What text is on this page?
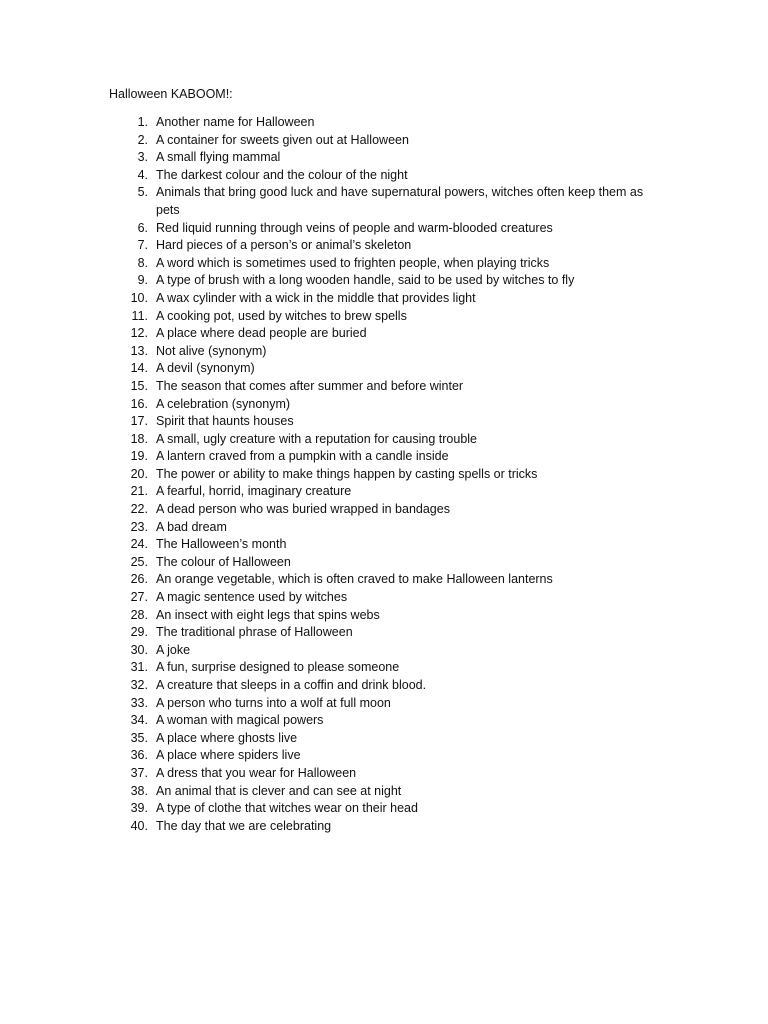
Halloween KABOOM!:
1. Another name for Halloween
2. A container for sweets given out at Halloween
3. A small flying mammal
4. The darkest colour and the colour of the night
5. Animals that bring good luck and have supernatural powers, witches often keep them as pets
6. Red liquid running through veins of people and warm-blooded creatures
7. Hard pieces of a person’s or animal’s skeleton
8. A word which is sometimes used to frighten people, when playing tricks
9. A type of brush with a long wooden handle, said to be used by witches to fly
10. A wax cylinder with a wick in the middle that provides light
11. A cooking pot, used by witches to brew spells
12. A place where dead people are buried
13. Not alive (synonym)
14. A devil (synonym)
15. The season that comes after summer and before winter
16. A celebration (synonym)
17. Spirit that haunts houses
18. A small, ugly creature with a reputation for causing trouble
19. A lantern craved from a pumpkin with a candle inside
20. The power or ability to make things happen by casting spells or tricks
21. A fearful, horrid, imaginary creature
22. A dead person who was buried wrapped in bandages
23. A bad dream
24. The Halloween’s month
25. The colour of Halloween
26. An orange vegetable, which is often craved to make Halloween lanterns
27. A magic sentence used by witches
28. An insect with eight legs that spins webs
29. The traditional phrase of Halloween
30. A joke
31. A fun, surprise designed to please someone
32. A creature that sleeps in a coffin and drink blood.
33. A person who turns into a wolf at full moon
34. A woman with magical powers
35. A place where ghosts live
36. A place where spiders live
37. A dress that you wear for Halloween
38. An animal that is clever and can see at night
39. A type of clothe that witches wear on their head
40. The day that we are celebrating
